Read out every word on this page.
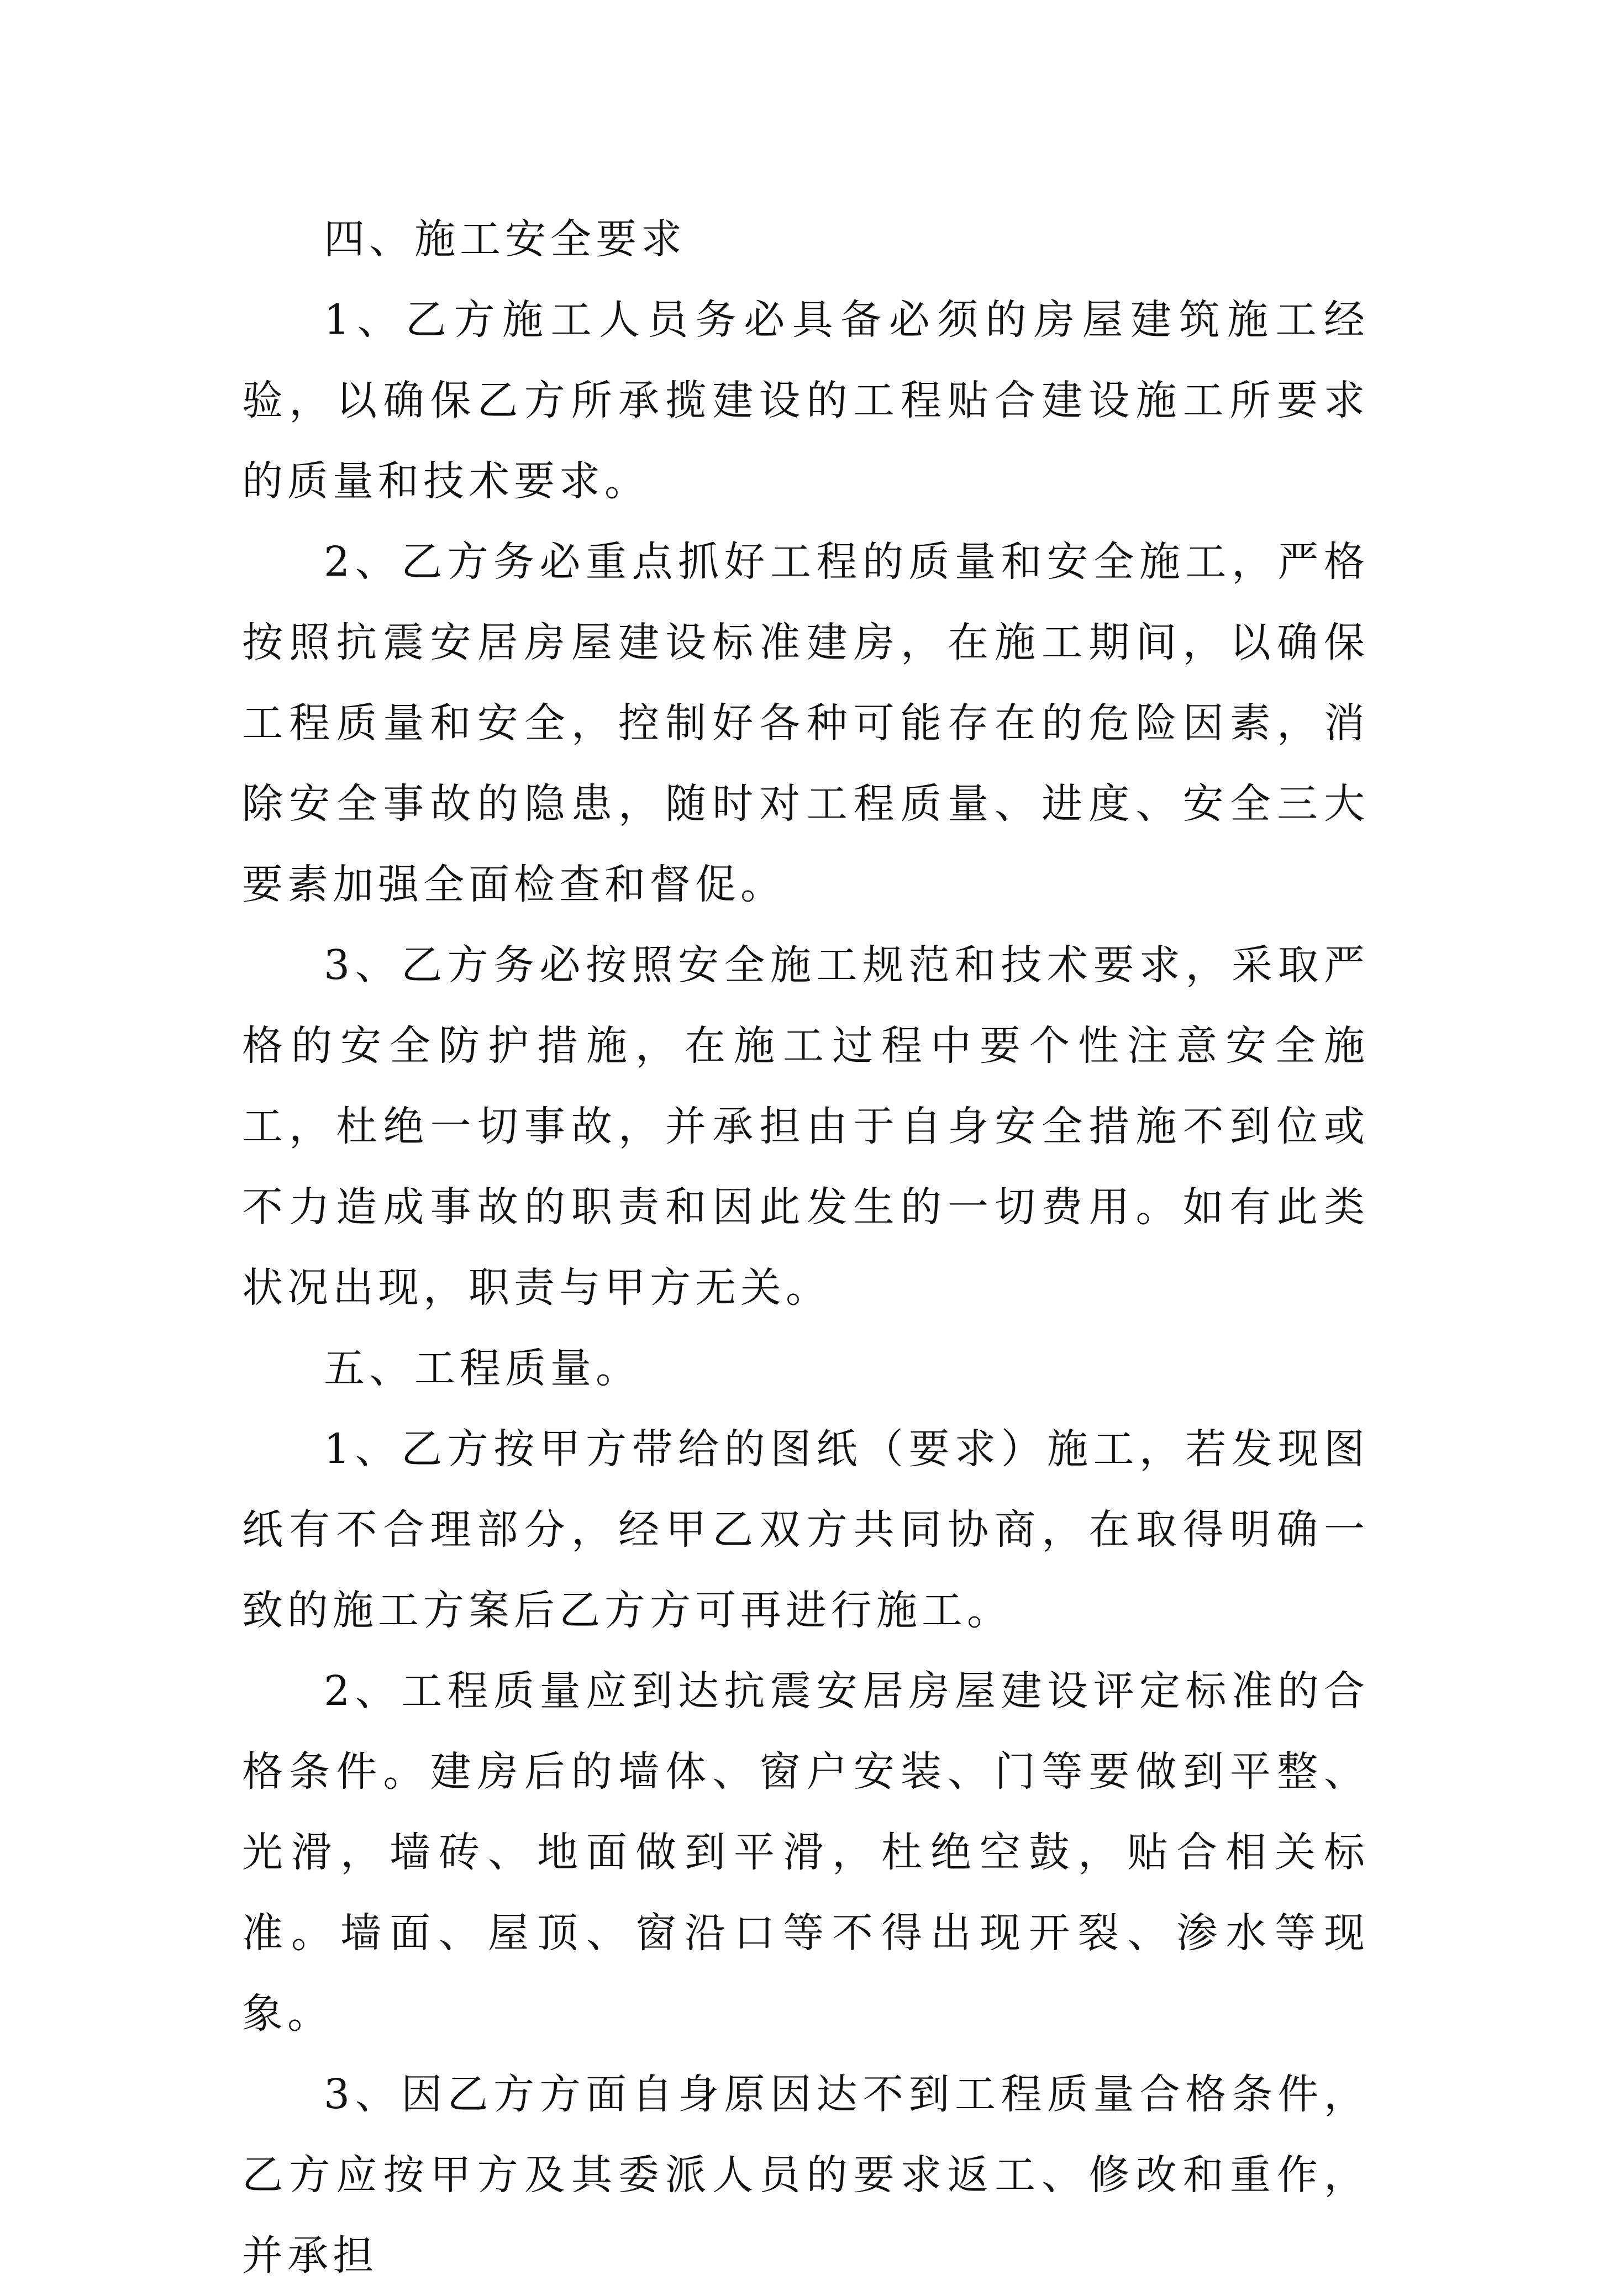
四、施工安全要求

1、乙方施工人员务必具备必须的房屋建筑施工经验，以确保乙方所承揽建设的工程贴合建设施工所要求的质量和技术要求。

2、乙方务必重点抓好工程的质量和安全施工，严格按照抗震安居房屋建设标准建房，在施工期间，以确保工程质量和安全，控制好各种可能存在的危险因素，消除安全事故的隐患，随时对工程质量、进度、安全三大要素加强全面检查和督促。

3、乙方务必按照安全施工规范和技术要求，采取严格的安全防护措施，在施工过程中要个性注意安全施工，杜绝一切事故，并承担由于自身安全措施不到位或不力造成事故的职责和因此发生的一切费用。如有此类状况出现，职责与甲方无关。

五、工程质量。

1、乙方按甲方带给的图纸（要求）施工，若发现图纸有不合理部分，经甲乙双方共同协商，在取得明确一致的施工方案后乙方方可再进行施工。

2、工程质量应到达抗震安居房屋建设评定标准的合格条件。建房后的墙体、窗户安装、门等要做到平整、光滑，墙砖、地面做到平滑，杜绝空鼓，贴合相关标准。墙面、屋顶、窗沿口等不得出现开裂、渗水等现象。

3、因乙方方面自身原因达不到工程质量合格条件，乙方应按甲方及其委派人员的要求返工、修改和重作，并承担
